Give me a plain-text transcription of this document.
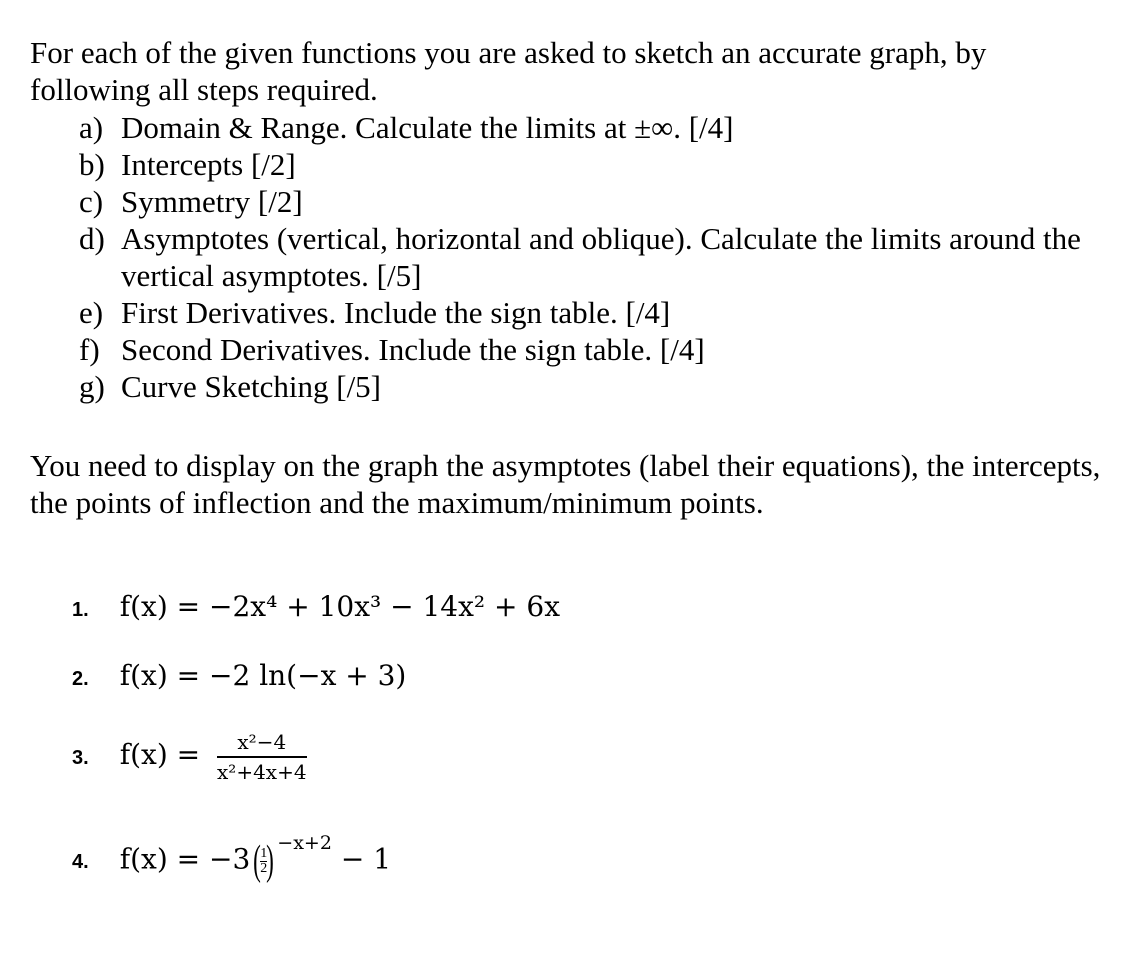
For each of the given functions you are asked to sketch an accurate graph, by following all steps required.

a) Domain & Range. Calculate the limits at ±∞. [/4]
b) Intercepts [/2]
c) Symmetry [/2]
d) Asymptotes (vertical, horizontal and oblique). Calculate the limits around the vertical asymptotes. [/5]
e) First Derivatives. Include the sign table. [/4]
f) Second Derivatives. Include the sign table. [/4]
g) Curve Sketching [/5]

You need to display on the graph the asymptotes (label their equations), the intercepts, the points of inflection and the maximum/minimum points.

1. f(x) = −2x⁴ + 10x³ − 14x² + 6x
2. f(x) = −2 ln(−x + 3)
3. $f(x) = \frac{\text{x²−4}}{\text{x²+4x+4}}$
4. $f(x) = -3( \frac{1}{2})$ $^{-x+2}$ − 1
